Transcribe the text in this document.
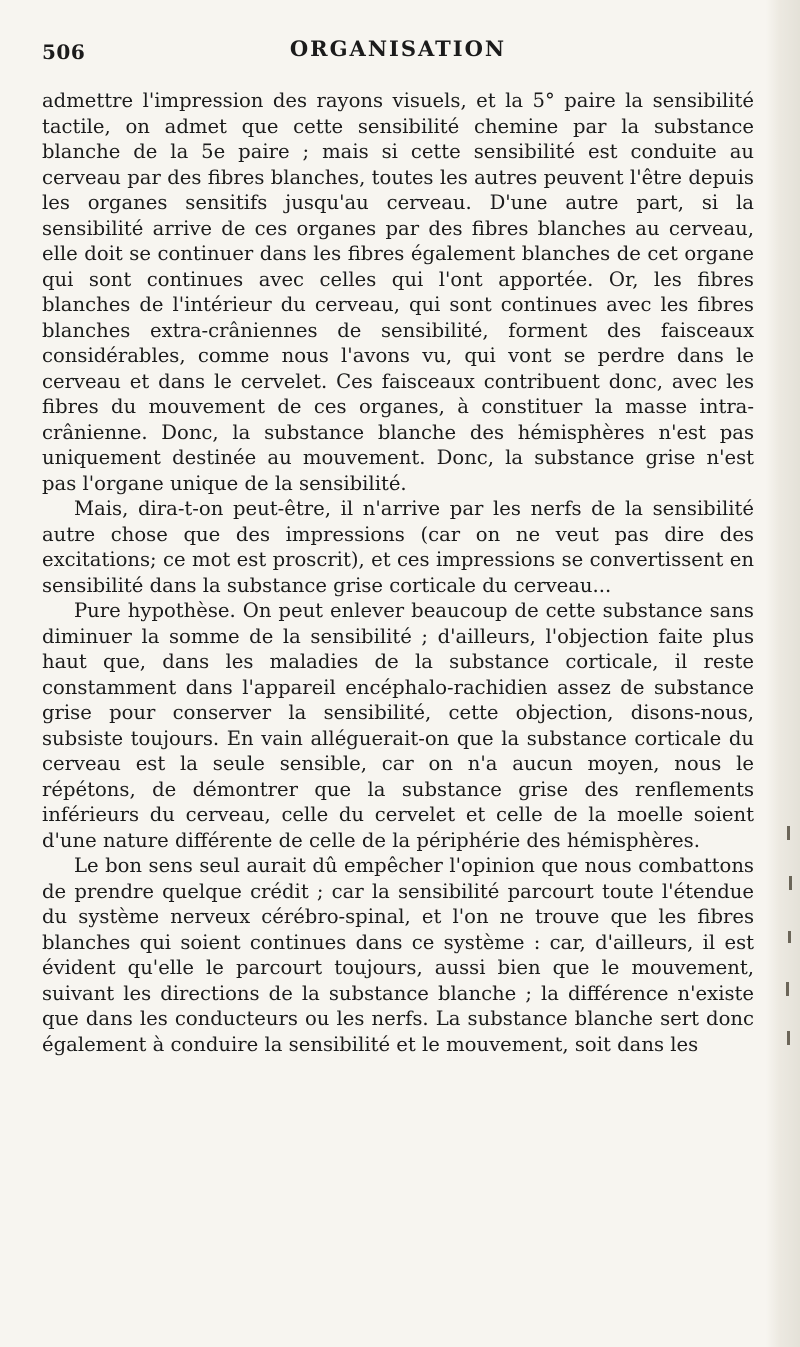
506	ORGANISATION

admettre l'impression des rayons visuels, et la 5° paire la sensibilité tactile, on admet que cette sensibilité chemine par la substance blanche de la 5e paire ; mais si cette sensibilité est conduite au cerveau par des fibres blanches, toutes les autres peuvent l'être depuis les organes sensitifs jusqu'au cerveau. D'une autre part, si la sensibilité arrive de ces organes par des fibres blanches au cerveau, elle doit se continuer dans les fibres également blanches de cet organe qui sont continues avec celles qui l'ont apportée. Or, les fibres blanches de l'intérieur du cerveau, qui sont continues avec les fibres blanches extra-crâniennes de sensibilité, forment des faisceaux considérables, comme nous l'avons vu, qui vont se perdre dans le cerveau et dans le cervelet. Ces faisceaux contribuent donc, avec les fibres du mouvement de ces organes, à constituer la masse intra-crânienne. Donc, la substance blanche des hémisphères n'est pas uniquement destinée au mouvement. Donc, la substance grise n'est pas l'organe unique de la sensibilité.

Mais, dira-t-on peut-être, il n'arrive par les nerfs de la sensibilité autre chose que des impressions (car on ne veut pas dire des excitations; ce mot est proscrit), et ces impressions se convertissent en sensibilité dans la substance grise corticale du cerveau...

Pure hypothèse. On peut enlever beaucoup de cette substance sans diminuer la somme de la sensibilité ; d'ailleurs, l'objection faite plus haut que, dans les maladies de la substance corticale, il reste constamment dans l'appareil encéphalo-rachidien assez de substance grise pour conserver la sensibilité, cette objection, disons-nous, subsiste toujours. En vain alléguerait-on que la substance corticale du cerveau est la seule sensible, car on n'a aucun moyen, nous le répétons, de démontrer que la substance grise des renflements inférieurs du cerveau, celle du cervelet et celle de la moelle soient d'une nature différente de celle de la périphérie des hémisphères.

Le bon sens seul aurait dû empêcher l'opinion que nous combattons de prendre quelque crédit ; car la sensibilité parcourt toute l'étendue du système nerveux cérébro-spinal, et l'on ne trouve que les fibres blanches qui soient continues dans ce système : car, d'ailleurs, il est évident qu'elle le parcourt toujours, aussi bien que le mouvement, suivant les directions de la substance blanche ; la différence n'existe que dans les conducteurs ou les nerfs. La substance blanche sert donc également à conduire la sensibilité et le mouvement, soit dans les
